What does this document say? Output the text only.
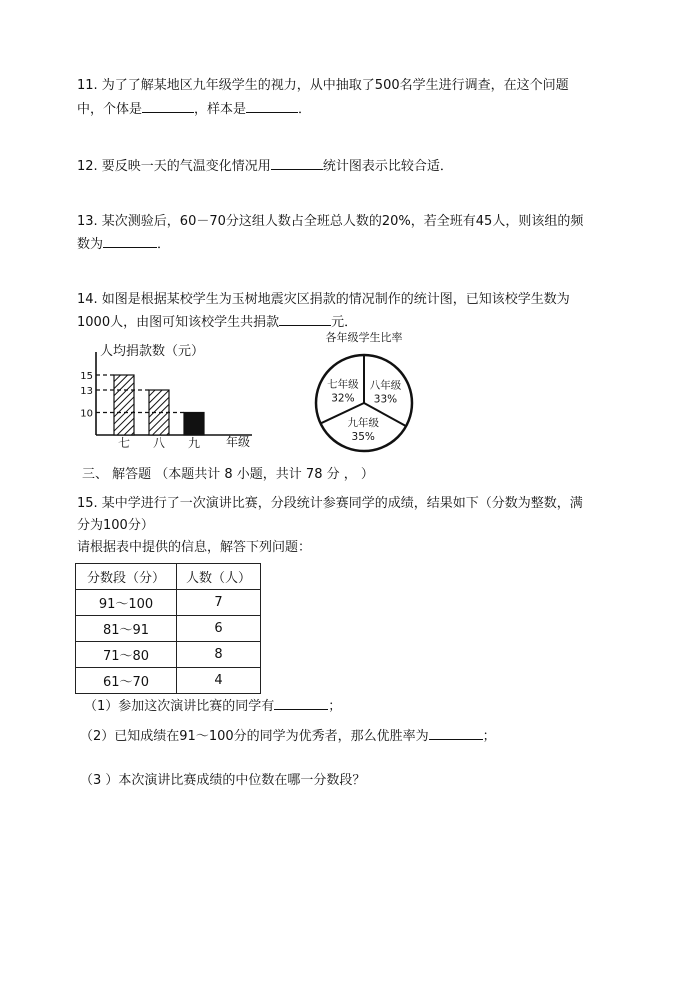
11. 为了了解某地区九年级学生的视力，从中抽取了500名学生进行调查，在这个问题
中，个体是	，样本是	．
12. 要反映一天的气温变化情况用	统计图表示比较合适．
13. 某次测验后，60－70分这组人数占全班总人数的20%，若全班有45人，则该组的频
数为	．
14. 如图是根据某校学生为玉树地震灾区捐款的情况制作的统计图，已知该校学生数为
1000人，由图可知该校学生共捐款	元．
七 八 九
10
13
15
人均捐款数（元）
年级
各年级学生比率
七年级
32%
八年级
33%
九年级
35%
三、 解答题 （本题共计 8 小题，共计 78 分 ， ）
15. 某中学进行了一次演讲比赛，分段统计参赛同学的成绩，结果如下（分数为整数，满
分为100分）
请根据表中提供的信息，解答下列问题：
分数段（分）	人数（人）
91～100	7
81～91	6
71～80	8
61～70	4
（1）参加这次演讲比赛的同学有	；
（2）已知成绩在91～100分的同学为优秀者，那么优胜率为	；
（3 ）本次演讲比赛成绩的中位数在哪一分数段？
